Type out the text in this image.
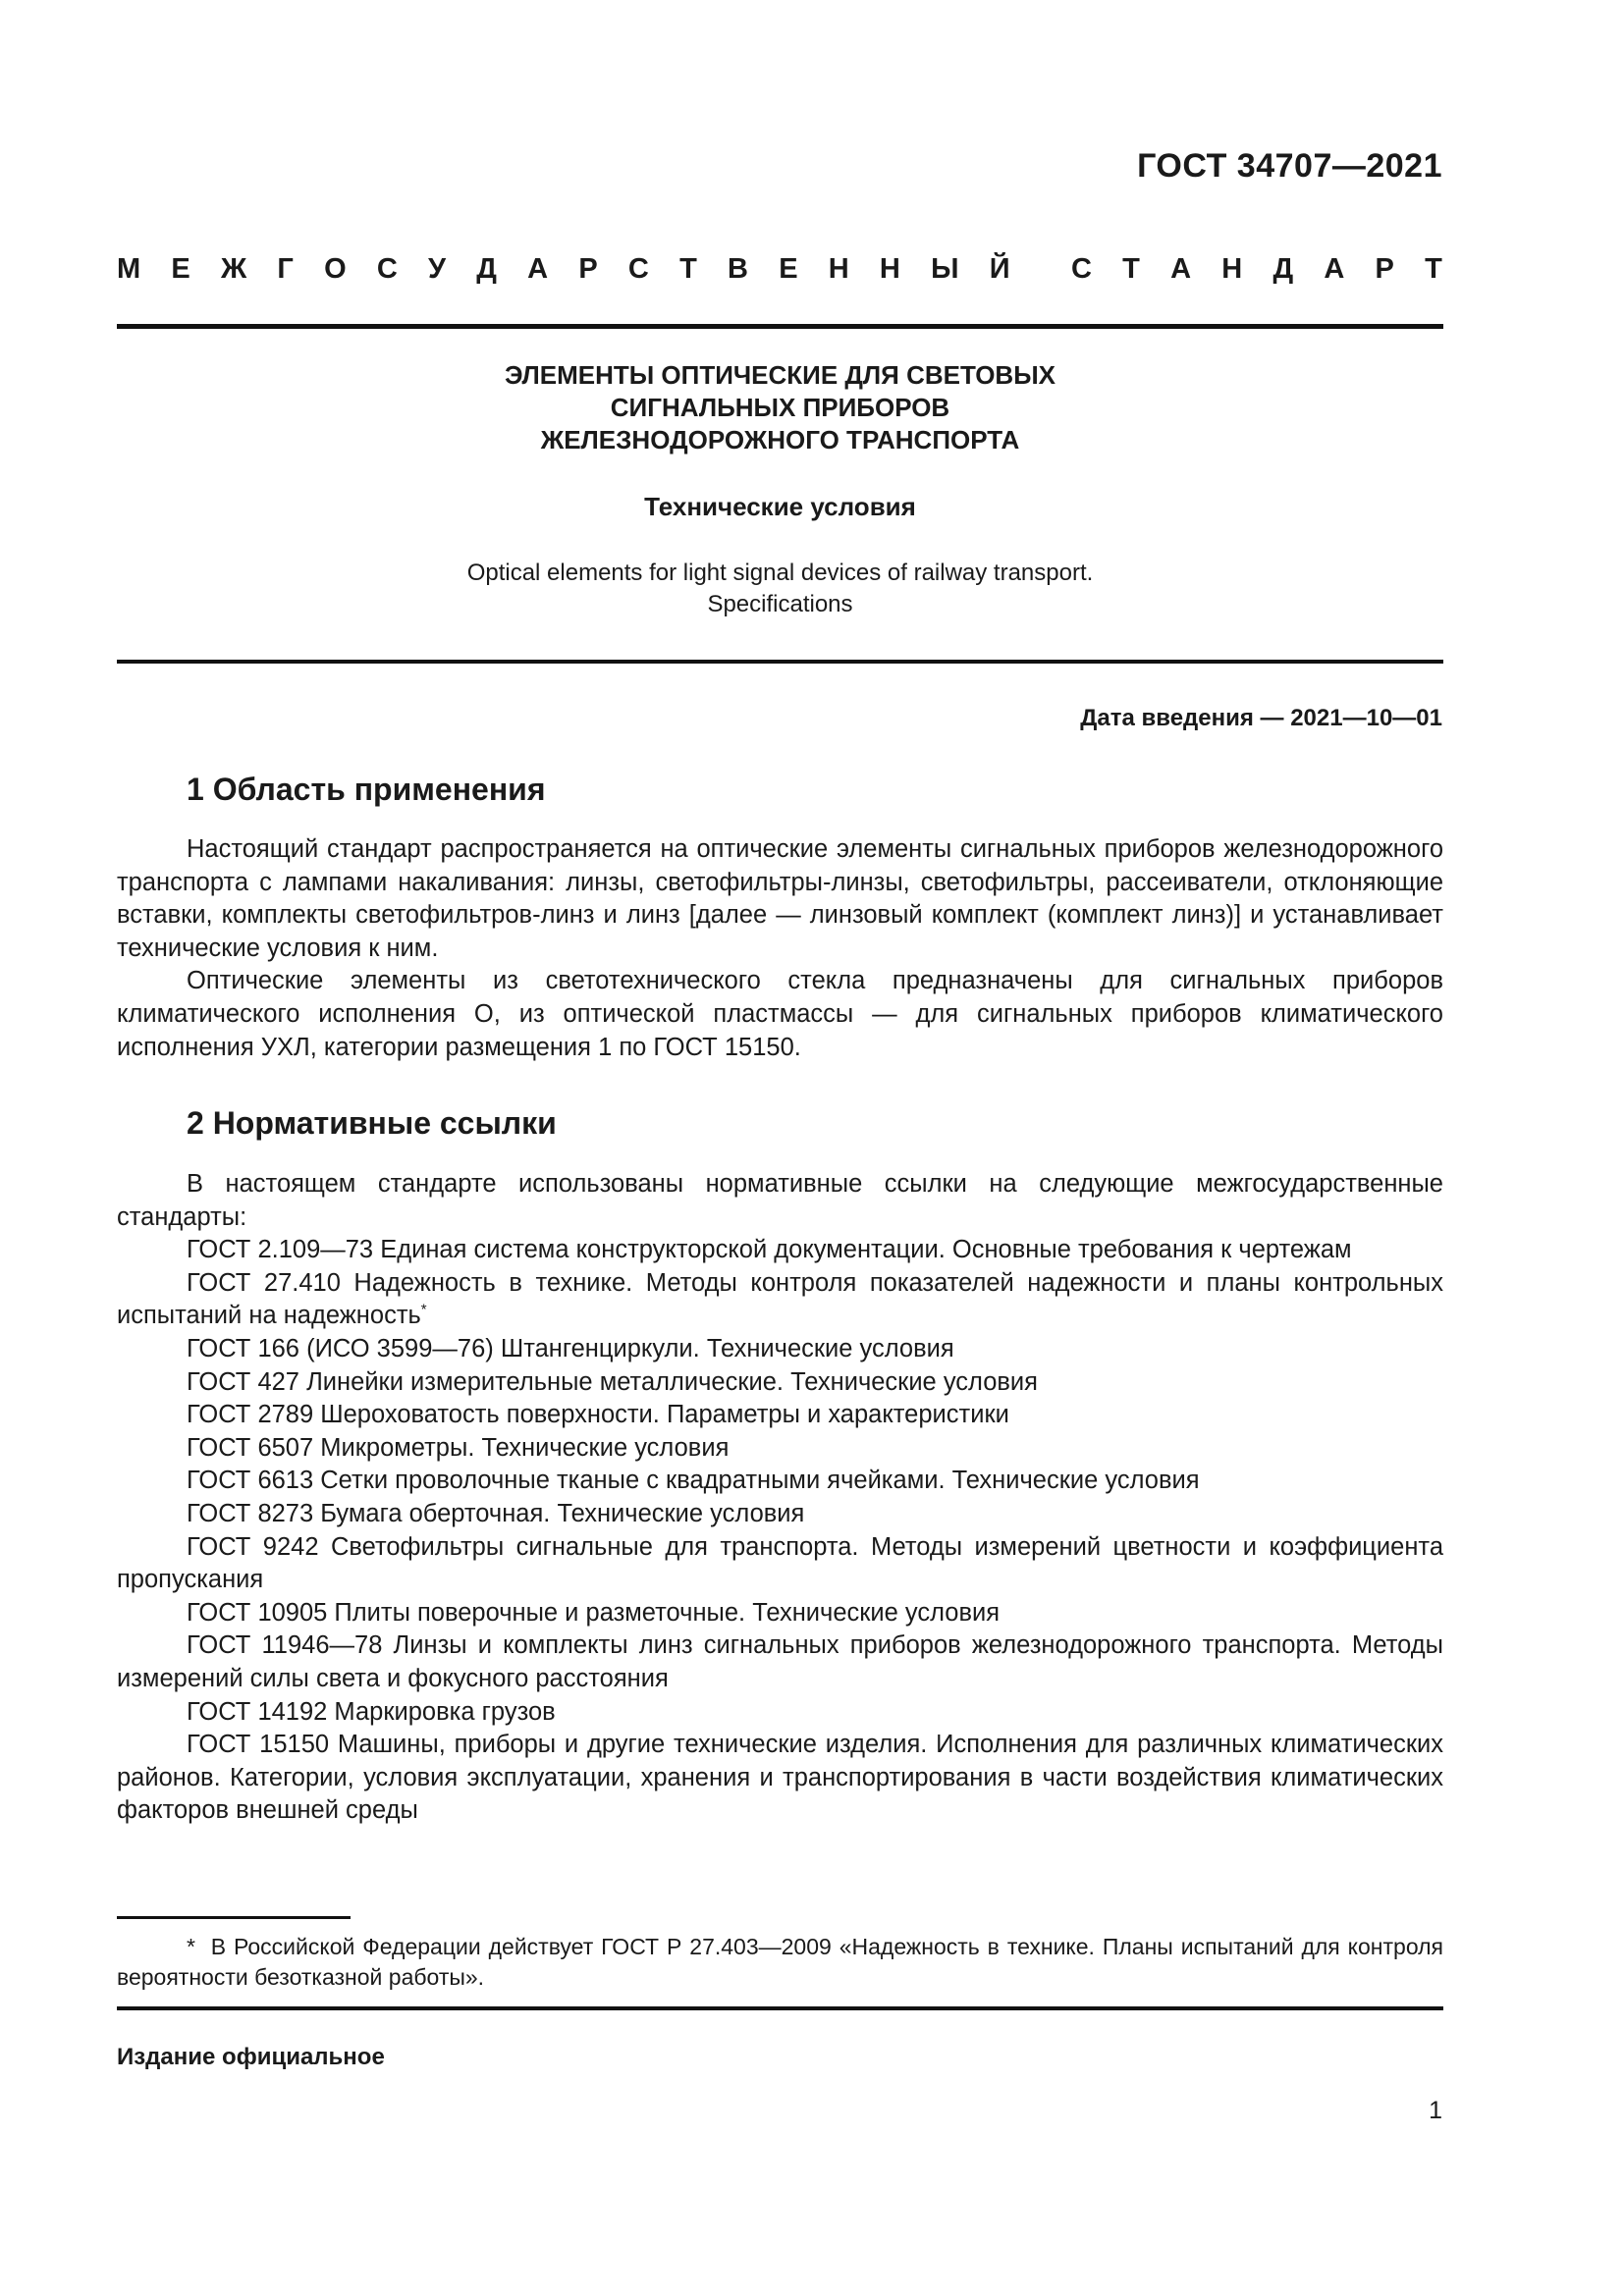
ГОСТ 34707—2021
М Е Ж Г О С У Д А Р С Т В Е Н Н Ы Й С Т А Н Д А Р Т
ЭЛЕМЕНТЫ ОПТИЧЕСКИЕ ДЛЯ СВЕТОВЫХ
СИГНАЛЬНЫХ ПРИБОРОВ
ЖЕЛЕЗНОДОРОЖНОГО ТРАНСПОРТА
Технические условия
Optical elements for light signal devices of railway transport.
Specifications
Дата введения — 2021—10—01
1 Область применения

Настоящий стандарт распространяется на оптические элементы сигнальных приборов железнодорожного транспорта с лампами накаливания: линзы, светофильтры-линзы, светофильтры, рассеиватели, отклоняющие вставки, комплекты светофильтров-линз и линз [далее — линзовый комплект (комплект линз)] и устанавливает технические условия к ним.

Оптические элементы из светотехнического стекла предназначены для сигнальных приборов климатического исполнения О, из оптической пластмассы — для сигнальных приборов климатического исполнения УХЛ, категории размещения 1 по ГОСТ 15150.

2 Нормативные ссылки

В настоящем стандарте использованы нормативные ссылки на следующие межгосударственные стандарты:

ГОСТ 2.109—73 Единая система конструкторской документации. Основные требования к чертежам

ГОСТ 27.410 Надежность в технике. Методы контроля показателей надежности и планы контрольных испытаний на надежность*

ГОСТ 166 (ИСО 3599—76) Штангенциркули. Технические условия

ГОСТ 427 Линейки измерительные металлические. Технические условия

ГОСТ 2789 Шероховатость поверхности. Параметры и характеристики

ГОСТ 6507 Микрометры. Технические условия

ГОСТ 6613 Сетки проволочные тканые с квадратными ячейками. Технические условия

ГОСТ 8273 Бумага оберточная. Технические условия

ГОСТ 9242 Светофильтры сигнальные для транспорта. Методы измерений цветности и коэффициента пропускания

ГОСТ 10905 Плиты поверочные и разметочные. Технические условия

ГОСТ 11946—78 Линзы и комплекты линз сигнальных приборов железнодорожного транспорта. Методы измерений силы света и фокусного расстояния

ГОСТ 14192 Маркировка грузов

ГОСТ 15150 Машины, приборы и другие технические изделия. Исполнения для различных климатических районов. Категории, условия эксплуатации, хранения и транспортирования в части воздействия климатических факторов внешней среды

* В Российской Федерации действует ГОСТ Р 27.403—2009 «Надежность в технике. Планы испытаний для контроля вероятности безотказной работы».

Издание официальное
1
